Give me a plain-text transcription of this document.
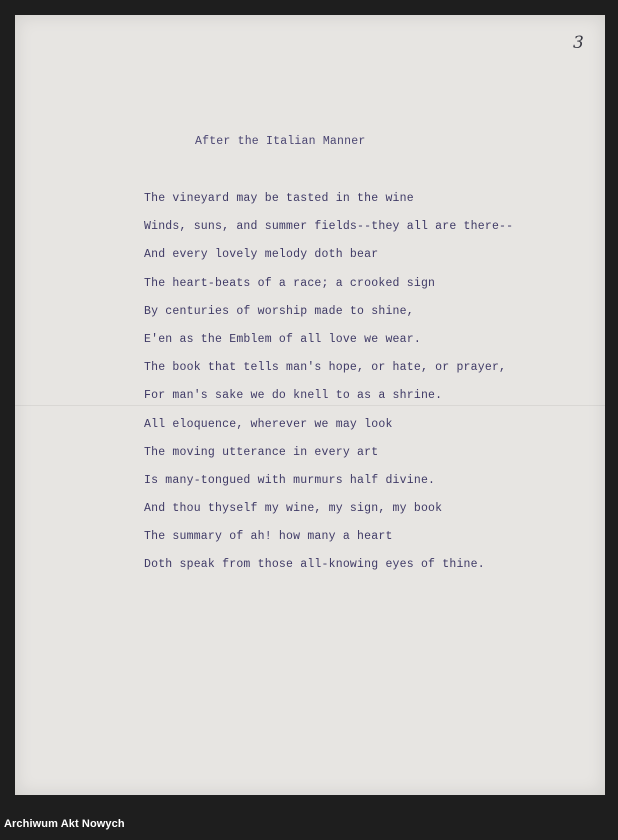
3
After the Italian Manner
The vineyard may be tasted in the wine
Winds, suns, and summer fields--they all are there--
And every lovely melody doth bear
The heart-beats of a race; a crooked sign
By centuries of worship made to shine,
E'en as the Emblem of all love we wear.
The book that tells man's hope, or hate, or prayer,
For man's sake we do knell to as a shrine.
All eloquence, wherever we may look
The moving utterance in every art
Is many-tongued with murmurs half divine.
And thou thyself my wine, my sign, my book
The summary of ah! how many a heart
Doth speak from those all-knowing eyes of thine.
Archiwum Akt Nowych
